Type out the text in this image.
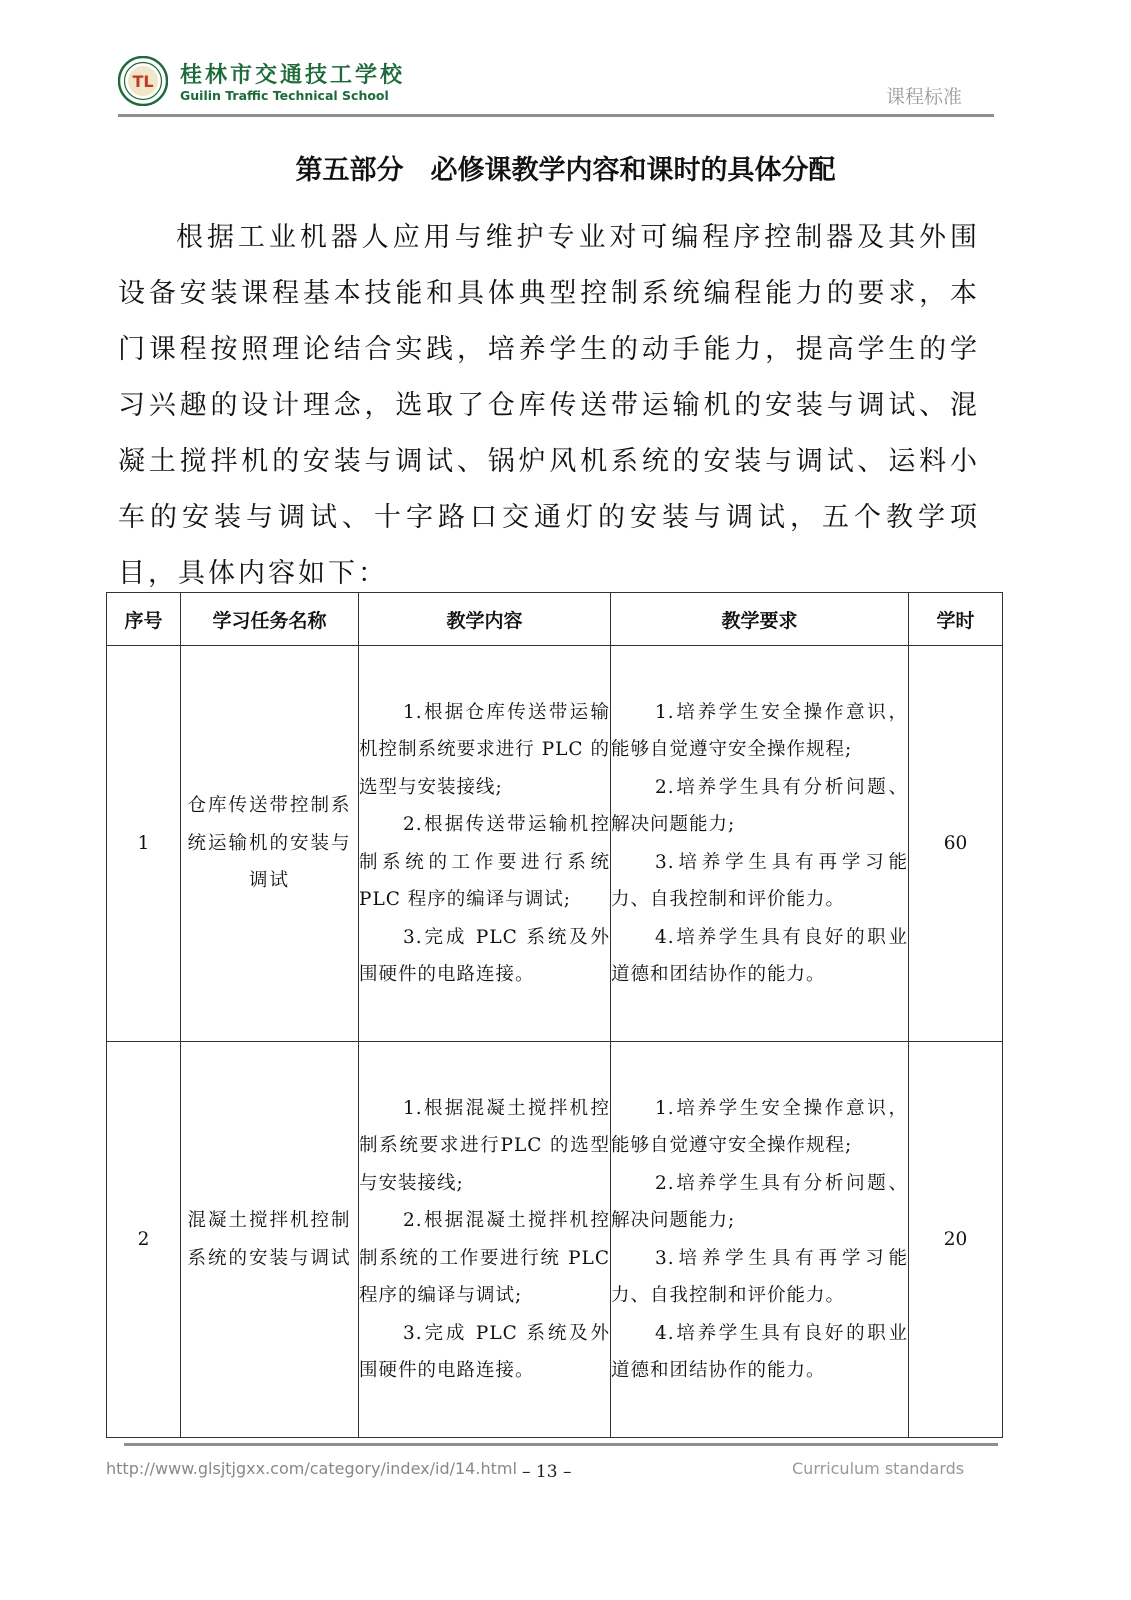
TL 桂林市交通技工学校
Guilin Traffic Technical School	课程标准
第五部分　必修课教学内容和课时的具体分配

根据工业机器人应用与维护专业对可编程序控制器及其外围设备安装课程基本技能和具体典型控制系统编程能力的要求，本门课程按照理论结合实践，培养学生的动手能力，提高学生的学习兴趣的设计理念，选取了仓库传送带运输机的安装与调试、混凝土搅拌机的安装与调试、锅炉风机系统的安装与调试、运料小车的安装与调试、十字路口交通灯的安装与调试，五个教学项目，具体内容如下：

序号	学习任务名称	教学内容	教学要求	学时
1	仓库传送带控制系统运输机的安装与调试	1.根据仓库传送带运输机控制系统要求进行 PLC 的选型与安装接线;
2.根据传送带运输机控制系统的工作要进行系统 PLC 程序的编译与调试;
3.完成 PLC 系统及外围硬件的电路连接。	1.培养学生安全操作意识，能够自觉遵守安全操作规程;
2.培养学生具有分析问题、解决问题能力;
3.培养学生具有再学习能力、自我控制和评价能力。
4.培养学生具有良好的职业道德和团结协作的能力。	60
2	混凝土搅拌机控制系统的安装与调试	1.根据混凝土搅拌机控制系统要求进行PLC 的选型与安装接线;
2.根据混凝土搅拌机控制系统的工作要进行统 PLC 程序的编译与调试;
3.完成 PLC 系统及外围硬件的电路连接。	1.培养学生安全操作意识，能够自觉遵守安全操作规程;
2.培养学生具有分析问题、解决问题能力;
3.培养学生具有再学习能力、自我控制和评价能力。
4.培养学生具有良好的职业道德和团结协作的能力。	20
http://www.glsjtjgxx.com/category/index/id/14.html – 13 –	Curriculum standards
